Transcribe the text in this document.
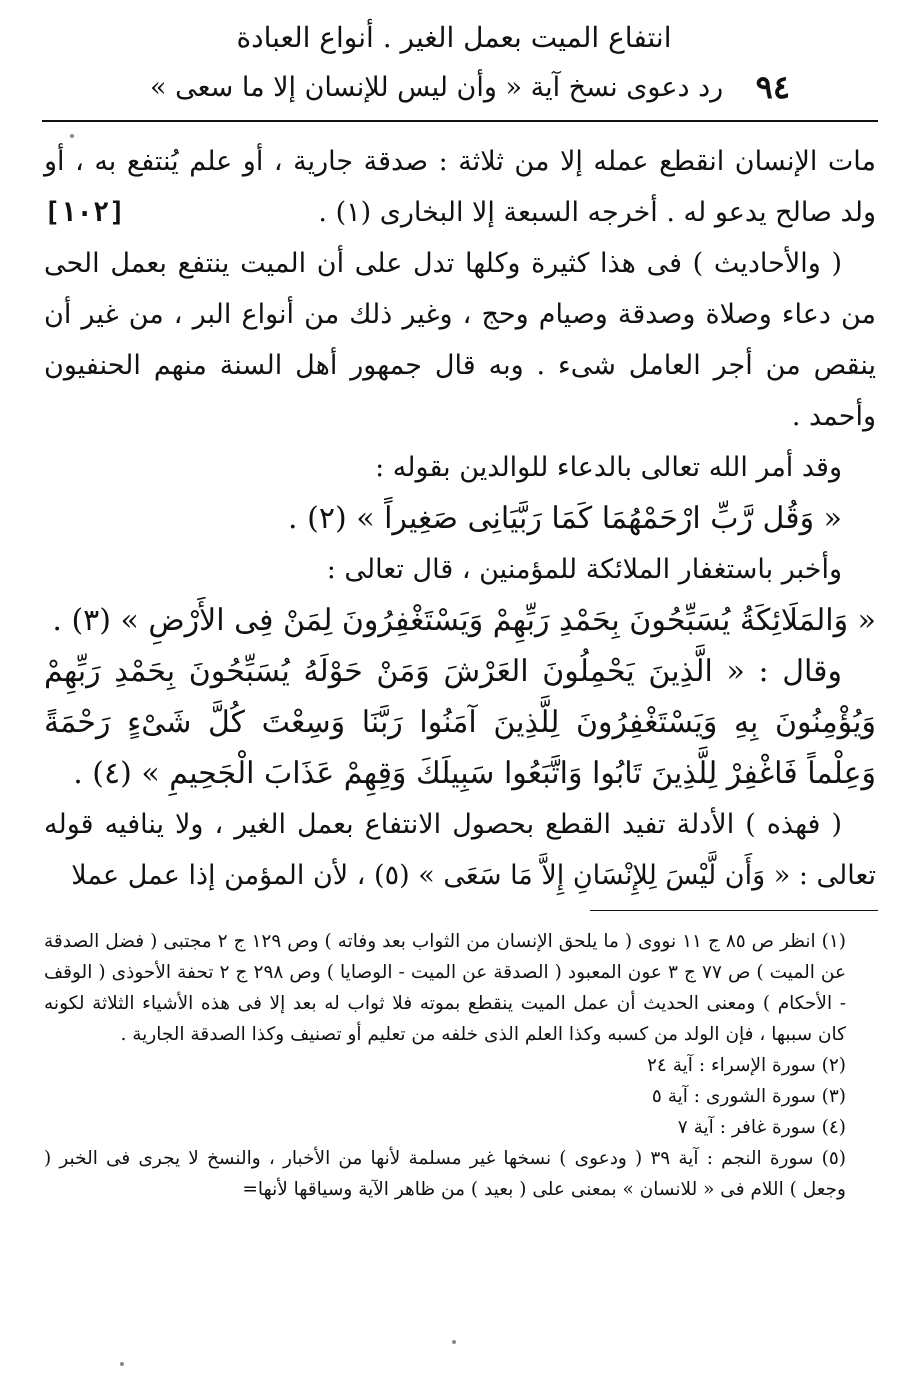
انتفاع الميت بعمل الغير . أنواع العبادة
٩٤
رد دعوى نسخ آية « وأن ليس للإنسان إلا ما سعى »

مات الإنسان انقطع عمله إلا من ثلاثة : صدقة جارية ، أو علم يُنتفع به ، أو ولد صالح يدعو له . أخرجه السبعة إلا البخارى (١) .
[١٠٢]

( والأحاديث ) فى هذا كثيرة وكلها تدل على أن الميت ينتفع بعمل الحى من دعاء وصلاة وصدقة وصيام وحج ، وغير ذلك من أنواع البر ، من غير أن ينقص من أجر العامل شىء . وبه قال جمهور أهل السنة منهم الحنفيون وأحمد .

وقد أمر الله تعالى بالدعاء للوالدين بقوله :

« وَقُل رَّبِّ ارْحَمْهُمَا كَمَا رَبَّيَانِى صَغِيراً » (٢) .

وأخبر باستغفار الملائكة للمؤمنين ، قال تعالى :

« وَالمَلَائِكَةُ يُسَبِّحُونَ بِحَمْدِ رَبِّهِمْ وَيَسْتَغْفِرُونَ لِمَنْ فِى الأَرْضِ » (٣) .

وقال : « الَّذِينَ يَحْمِلُونَ العَرْشَ وَمَنْ حَوْلَهُ يُسَبِّحُونَ بِحَمْدِ رَبِّهِمْ وَيُؤْمِنُونَ بِهِ وَيَسْتَغْفِرُونَ لِلَّذِينَ آمَنُوا رَبَّنَا وَسِعْتَ كُلَّ شَىْءٍ رَحْمَةً وَعِلْماً فَاغْفِرْ لِلَّذِينَ تَابُوا وَاتَّبَعُوا سَبِيلَكَ وَقِهِمْ عَذَابَ الْجَحِيمِ » (٤) .

( فهذه ) الأدلة تفيد القطع بحصول الانتفاع بعمل الغير ، ولا ينافيه قوله تعالى : « وَأَن لَّيْسَ لِلإِنْسَانِ إِلاَّ مَا سَعَى » (٥) ، لأن المؤمن إذا عمل عملا

(١) انظر ص ٨٥ ج ١١ نووى ( ما يلحق الإنسان من الثواب بعد وفاته ) وص ١٢٩ ج ٢ مجتبى ( فضل الصدقة عن الميت ) ص ٧٧ ج ٣ عون المعبود ( الصدقة عن الميت - الوصايا ) وص ٢٩٨ ج ٢ تحفة الأحوذى ( الوقف - الأحكام ) ومعنى الحديث أن عمل الميت ينقطع بموته فلا ثواب له بعد إلا فى هذه الأشياء الثلاثة لكونه كان سببها ، فإن الولد من كسبه وكذا العلم الذى خلفه من تعليم أو تصنيف وكذا الصدقة الجارية .

(٢) سورة الإسراء : آية ٢٤

(٣) سورة الشورى : آية ٥

(٤) سورة غافر : آية ٧

(٥) سورة النجم : آية ٣٩ ( ودعوى ) نسخها غير مسلمة لأنها من الأخبار ، والنسخ لا يجرى فى الخبر ( وجعل ) اللام فى « للانسان » بمعنى على ( بعيد ) من ظاهر الآية وسياقها لأنها=
